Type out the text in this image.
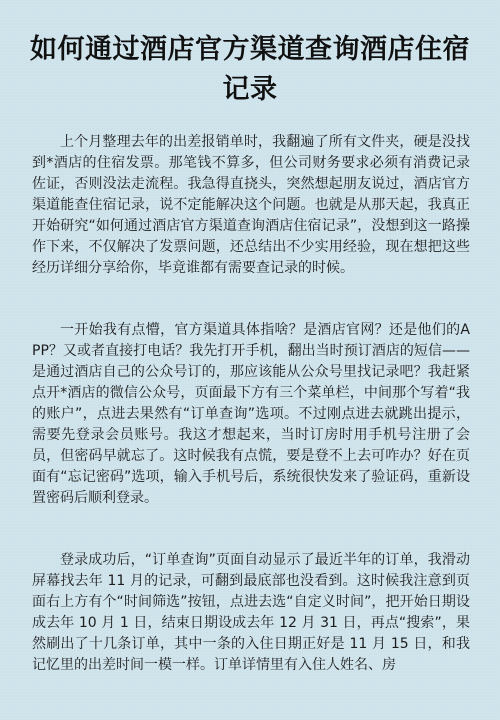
如何通过酒店官方渠道查询酒店住宿记录

上个月整理去年的出差报销单时，我翻遍了所有文件夹，硬是没找到*酒店的住宿发票。那笔钱不算多，但公司财务要求必须有消费记录佐证，否则没法走流程。我急得直挠头，突然想起朋友说过，酒店官方渠道能查住宿记录，说不定能解决这个问题。也就是从那天起，我真正开始研究“如何通过酒店官方渠道查询酒店住宿记录”，没想到这一路操作下来，不仅解决了发票问题，还总结出不少实用经验，现在想把这些经历详细分享给你，毕竟谁都有需要查记录的时候。

一开始我有点懵，官方渠道具体指啥？是酒店官网？还是他们的APP？又或者直接打电话？我先打开手机，翻出当时预订酒店的短信——是通过酒店自己的公众号订的，那应该能从公众号里找记录吧？我赶紧点开*酒店的微信公众号，页面最下方有三个菜单栏，中间那个写着“我的账户”，点进去果然有“订单查询”选项。不过刚点进去就跳出提示，需要先登录会员账号。我这才想起来，当时订房时用手机号注册了会员，但密码早就忘了。这时候我有点慌，要是登不上去可咋办？好在页面有“忘记密码”选项，输入手机号后，系统很快发来了验证码，重新设置密码后顺利登录。

登录成功后，“订单查询”页面自动显示了最近半年的订单，我滑动屏幕找去年 11 月的记录，可翻到最底部也没看到。这时候我注意到页面右上方有个“时间筛选”按钮，点进去选“自定义时间”，把开始日期设成去年 10 月 1 日，结束日期设成去年 12 月 31 日，再点“搜索”，果然刷出了十几条订单，其中一条的入住日期正好是 11 月 15 日，和我记忆里的出差时间一模一样。订单详情里有入住人姓名、房
